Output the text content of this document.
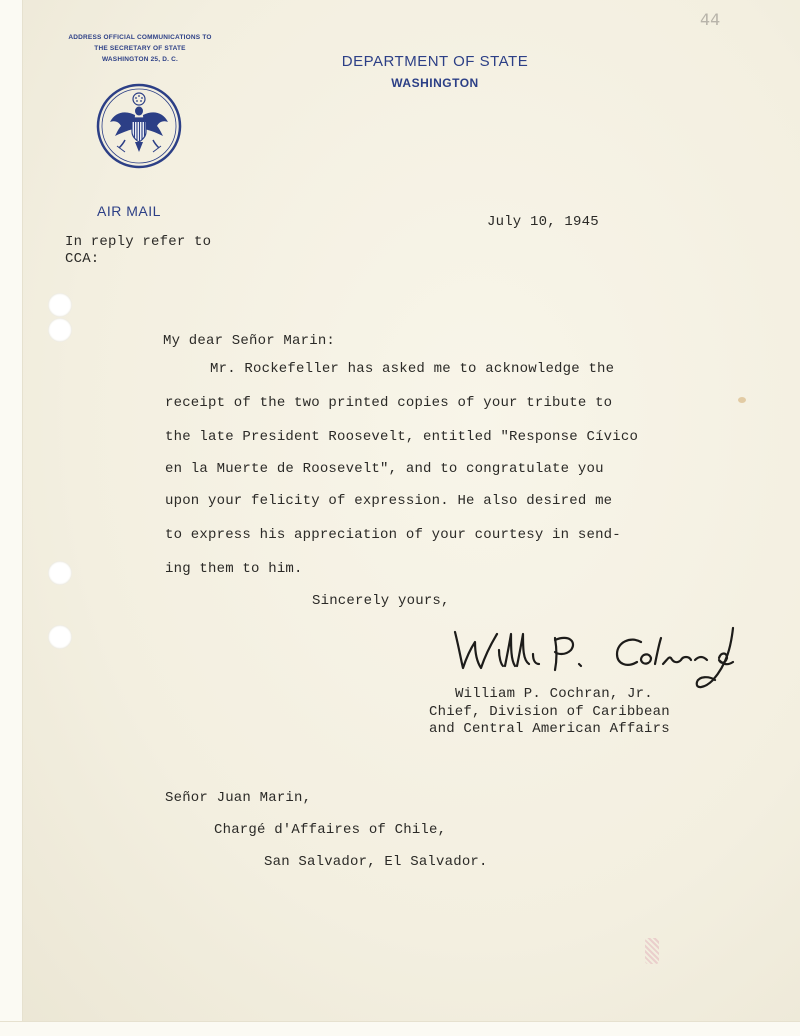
44
ADDRESS OFFICIAL COMMUNICATIONS TO
THE SECRETARY OF STATE
WASHINGTON 25, D. C.	DEPARTMENT OF STATE
WASHINGTON
AIR MAIL
July 10, 1945
In reply refer to
CCA:
My dear Señor Marin:
Mr. Rockefeller has asked me to acknowledge the
receipt of the two printed copies of your tribute to
the late President Roosevelt, entitled "Response Cívico
en la Muerte de Roosevelt", and to congratulate you
upon your felicity of expression. He also desired me
to express his appreciation of your courtesy in send-
ing them to him.
Sincerely yours,
William P. Cochran, Jr.
Chief, Division of Caribbean
and Central American Affairs
Señor Juan Marin,
Chargé d'Affaires of Chile,
San Salvador, El Salvador.
